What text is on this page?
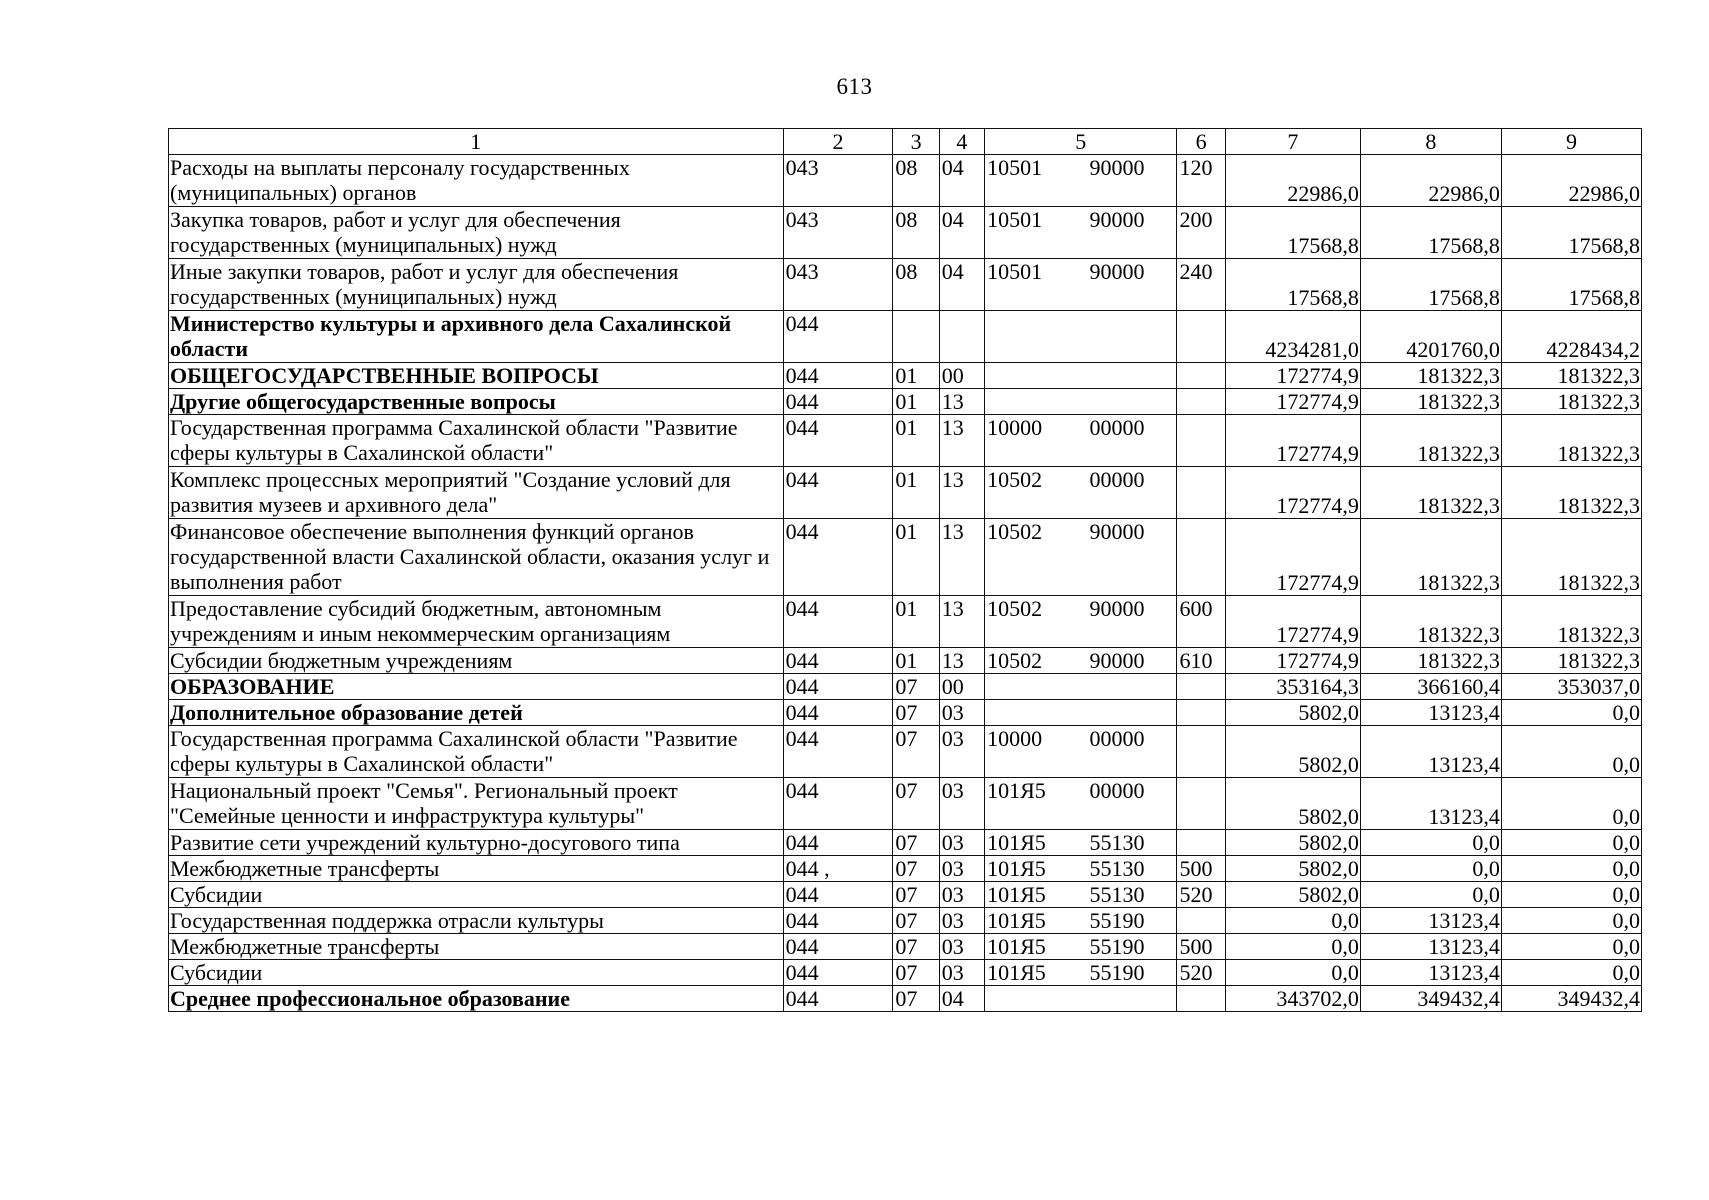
613
1	2	3	4	5	6	7	8	9
Расходы на выплаты персоналу государственных (муниципальных) органов	043	08	04	10501 90000	120	22986,0	22986,0	22986,0
Закупка товаров, работ и услуг для обеспечения государственных (муниципальных) нужд	043	08	04	10501 90000	200	17568,8	17568,8	17568,8
Иные закупки товаров, работ и услуг для обеспечения государственных (муниципальных) нужд	043	08	04	10501 90000	240	17568,8	17568,8	17568,8
Министерство культуры и архивного дела Сахалинской области	044					4234281,0	4201760,0	4228434,2
ОБЩЕГОСУДАРСТВЕННЫЕ ВОПРОСЫ	044	01	00			172774,9	181322,3	181322,3
Другие общегосударственные вопросы	044	01	13			172774,9	181322,3	181322,3
Государственная программа Сахалинской области "Развитие сферы культуры в Сахалинской области"	044	01	13	10000 00000		172774,9	181322,3	181322,3
Комплекс процессных мероприятий "Создание условий для развития музеев и архивного дела"	044	01	13	10502 00000		172774,9	181322,3	181322,3
Финансовое обеспечение выполнения функций органов государственной власти Сахалинской области, оказания услуг и выполнения работ	044	01	13	10502 90000		172774,9	181322,3	181322,3
Предоставление субсидий бюджетным, автономным учреждениям и иным некоммерческим организациям	044	01	13	10502 90000	600	172774,9	181322,3	181322,3
Субсидии бюджетным учреждениям	044	01	13	10502 90000	610	172774,9	181322,3	181322,3
ОБРАЗОВАНИЕ	044	07	00			353164,3	366160,4	353037,0
Дополнительное образование детей	044	07	03			5802,0	13123,4	0,0
Государственная программа Сахалинской области "Развитие сферы культуры в Сахалинской области"	044	07	03	10000 00000		5802,0	13123,4	0,0
Национальный проект "Семья". Региональный проект "Семейные ценности и инфраструктура культуры"	044	07	03	101Я5 00000		5802,0	13123,4	0,0
Развитие сети учреждений культурно-досугового типа	044	07	03	101Я5 55130		5802,0	0,0	0,0
Межбюджетные трансферты	044 ,	07	03	101Я5 55130	500	5802,0	0,0	0,0
Субсидии	044	07	03	101Я5 55130	520	5802,0	0,0	0,0
Государственная поддержка отрасли культуры	044	07	03	101Я5 55190		0,0	13123,4	0,0
Межбюджетные трансферты	044	07	03	101Я5 55190	500	0,0	13123,4	0,0
Субсидии	044	07	03	101Я5 55190	520	0,0	13123,4	0,0
Среднее профессиональное образование	044	07	04			343702,0	349432,4	349432,4
